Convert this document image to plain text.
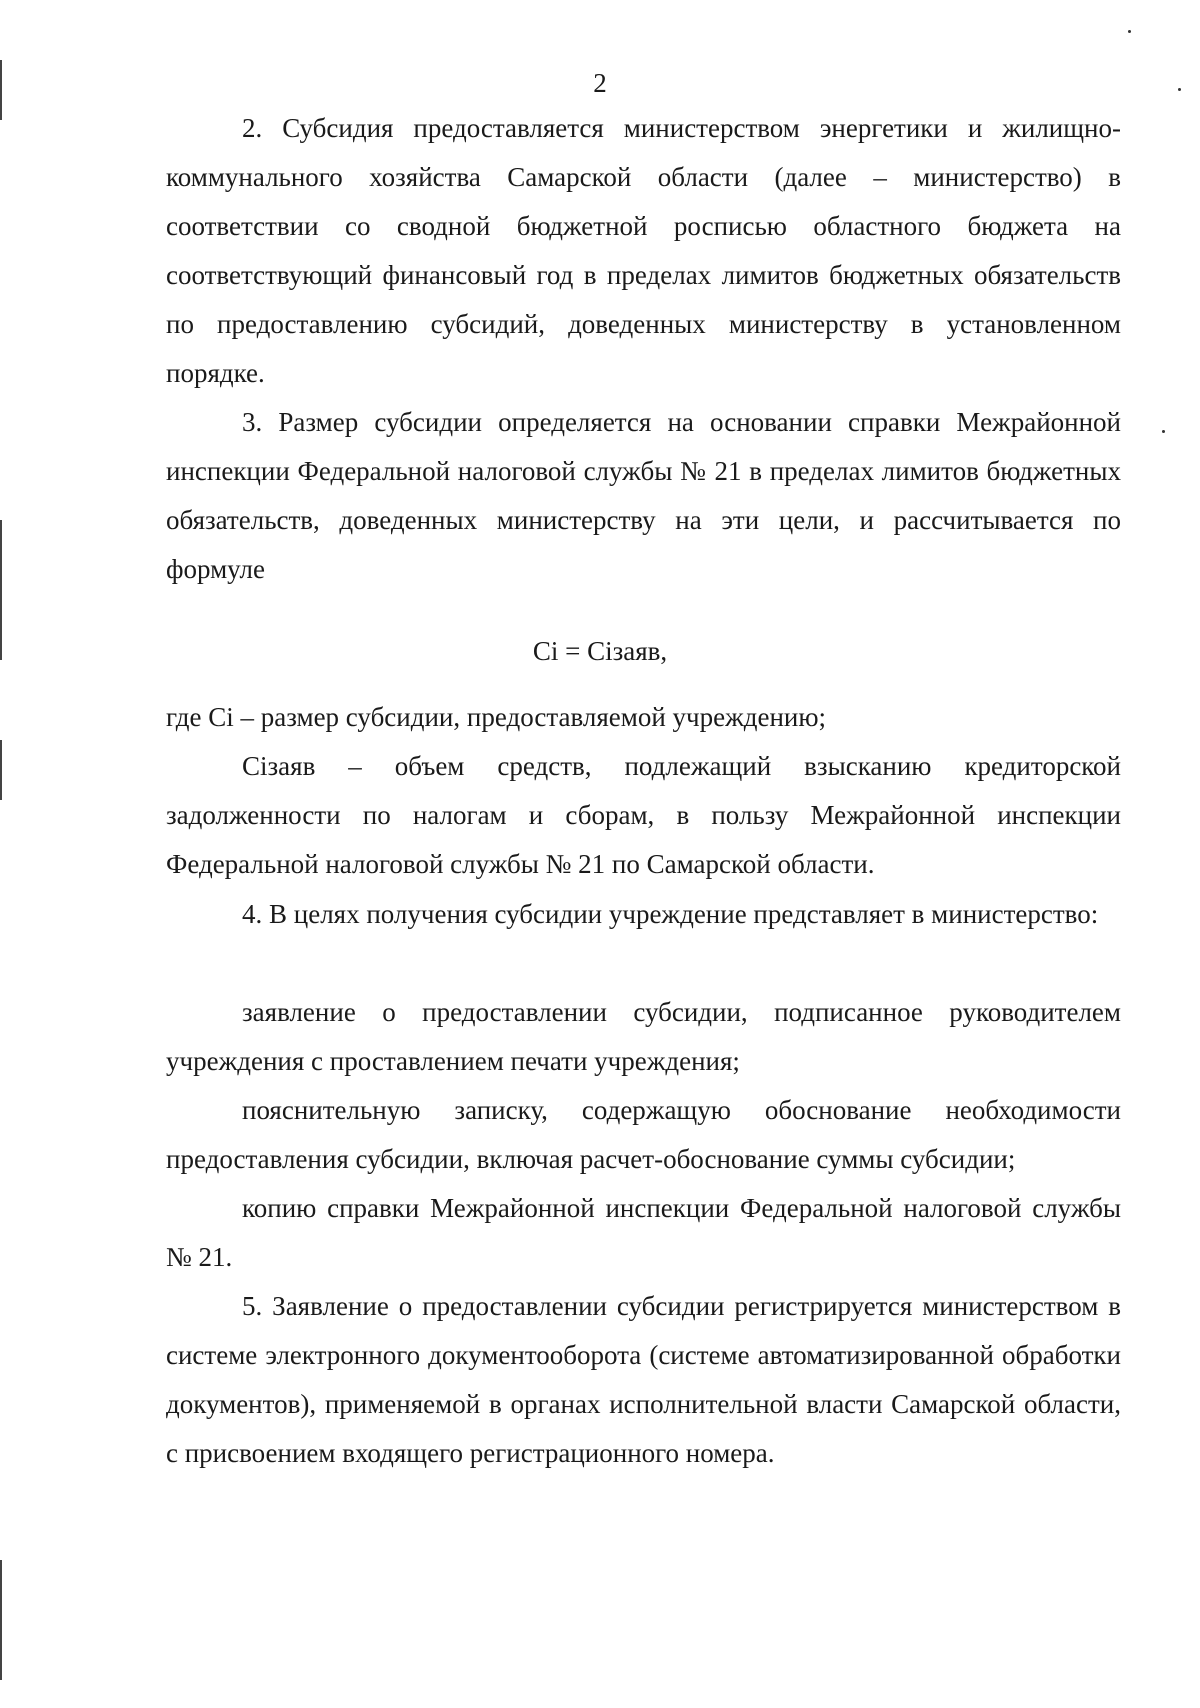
2

2. Субсидия предоставляется министерством энергетики и жилищно-коммунального хозяйства Самарской области (далее – министерство) в соответствии со сводной бюджетной росписью областного бюджета на соответствующий финансовый год в пределах лимитов бюджетных обязательств по предоставлению субсидий, доведенных министерству в установленном порядке.

3. Размер субсидии определяется на основании справки Межрайонной инспекции Федеральной налоговой службы № 21 в пределах лимитов бюджетных обязательств, доведенных министерству на эти цели, и рассчитывается по формуле

Ci = Ciзаяв,

где Ci – размер субсидии, предоставляемой учреждению;

Ciзаяв – объем средств, подлежащий взысканию кредиторской задолженности по налогам и сборам, в пользу Межрайонной инспекции Федеральной налоговой службы № 21 по Самарской области.

4. В целях получения субсидии учреждение представляет в министерство:

заявление о предоставлении субсидии, подписанное руководителем учреждения с проставлением печати учреждения;

пояснительную записку, содержащую обоснование необходимости предоставления субсидии, включая расчет-обоснование суммы субсидии;

копию справки Межрайонной инспекции Федеральной налоговой службы № 21.

5. Заявление о предоставлении субсидии регистрируется министерством в системе электронного документооборота (системе автоматизированной обработки документов), применяемой в органах исполнительной власти Самарской области, с присвоением входящего регистрационного номера.
